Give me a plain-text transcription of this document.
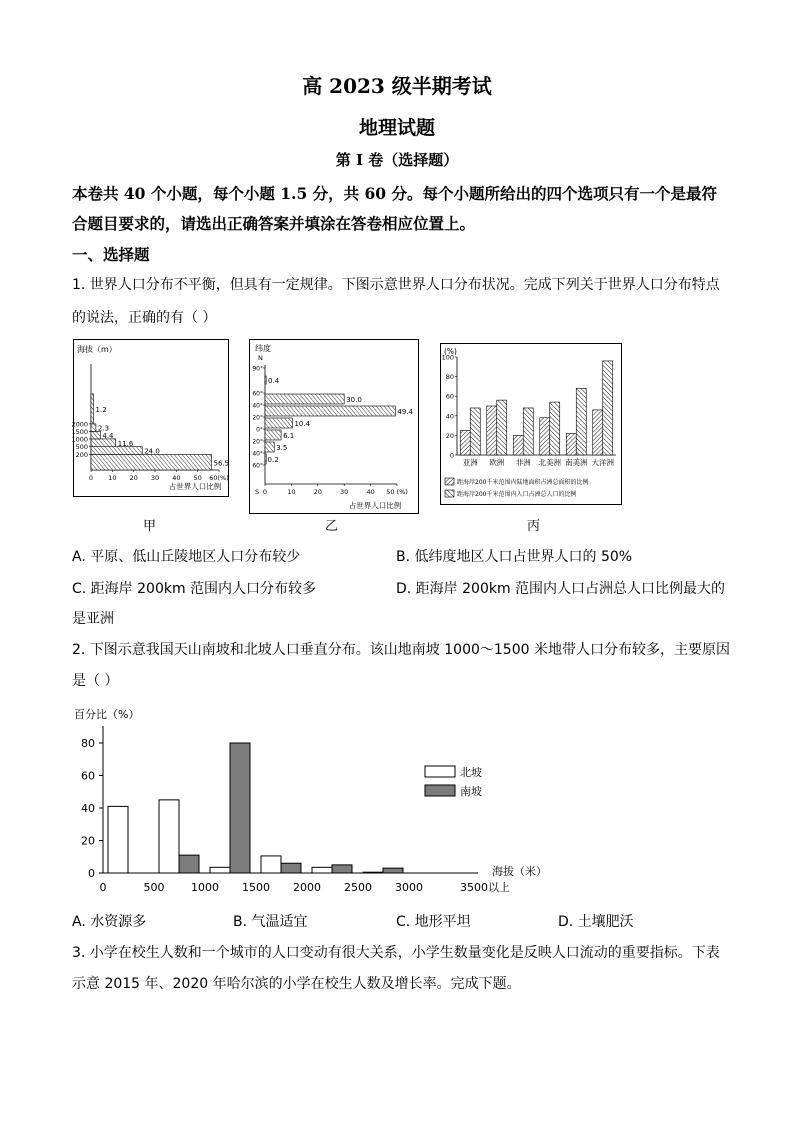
高 2023 级半期考试
地理试题
第 I 卷（选择题）
本卷共 40 个小题，每个小题 1.5 分，共 60 分。每个小题所给出的四个选项只有一个是最符
合题目要求的，请选出正确答案并填涂在答卷相应位置上。
一、选择题
1. 世界人口分布不平衡，但具有一定规律。下图示意世界人口分布状况。完成下列关于世界人口分布特点
的说法，正确的有（ ）
海拔（m）
56.5
24.0
11.6
4.4
2.3
1.2
200
500
1000
1500
2000
0 10 20 30 40 50 60(%)
占世界人口比例
甲
纬度
N
S
90°
60°
40°
20°
0°
20°
40°
60°
0.4
30.0
49.4
10.4
6.1
3.5
0.2
0	10	20	30	40 50 (%)
占世界人口比例
乙
(%)
0
20
40
60
80
100
亚洲 欧洲 非洲 北美洲 南美洲 大洋洲
距海岸200千米范围内陆地面积占洲总面积的比例
距海岸200千米范围内人口占洲总人口的比例
丙
A. 平原、低山丘陵地区人口分布较少	B. 低纬度地区人口占世界人口的 50%
C. 距海岸 200km 范围内人口分布较多	D. 距海岸 200km 范围内人口占洲总人口比例最大的
是亚洲
2. 下图示意我国天山南坡和北坡人口垂直分布。该山地南坡 1000～1500 米地带人口分布较多，主要原因
是（ ）
百分比（%）
0
20
40
60
80
0	500 1000 1500 2000 2500 3000	3500以上
海拔（米）
北坡
南坡
A. 水资源多	B. 气温适宜	C. 地形平坦	D. 土壤肥沃
3. 小学在校生人数和一个城市的人口变动有很大关系，小学生数量变化是反映人口流动的重要指标。下表
示意 2015 年、2020 年哈尔滨的小学在校生人数及增长率。完成下题。
